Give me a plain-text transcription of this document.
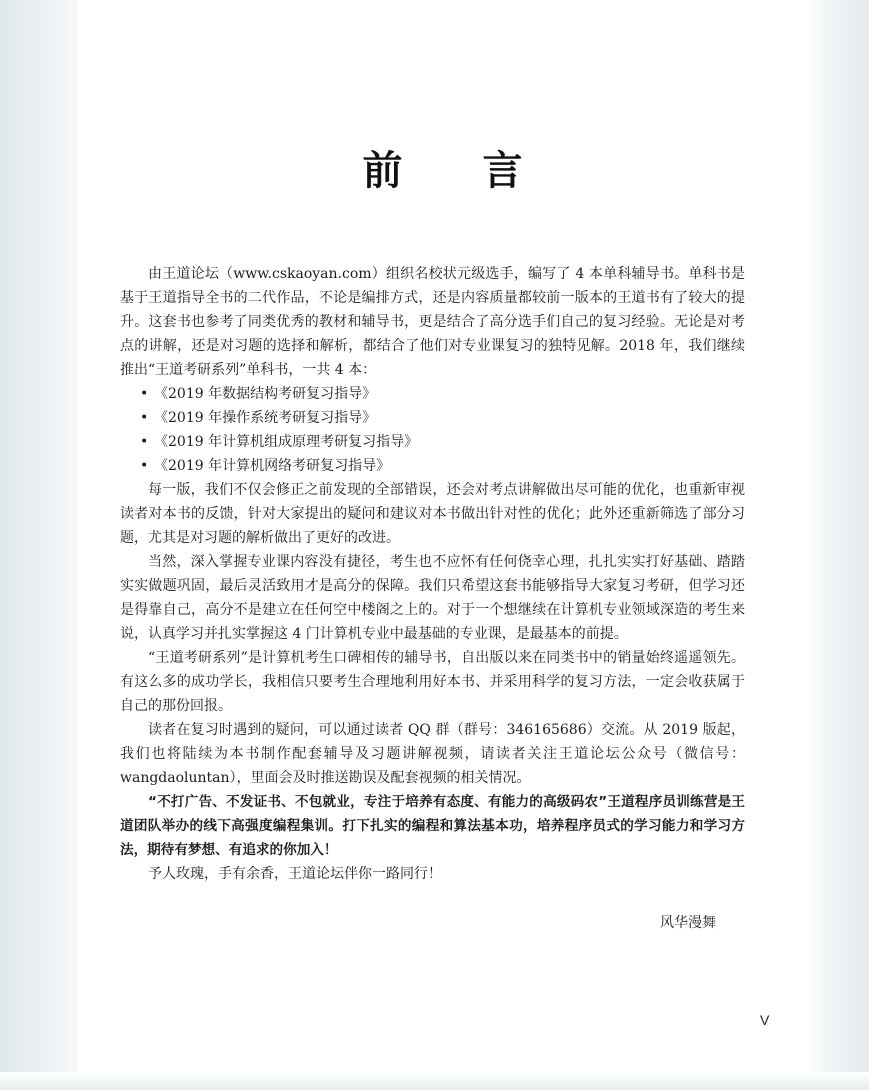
前 言

由王道论坛（www.cskaoyan.com）组织名校状元级选手，编写了 4 本单科辅导书。单科书是基于王道指导全书的二代作品，不论是编排方式，还是内容质量都较前一版本的王道书有了较大的提升。这套书也参考了同类优秀的教材和辅导书，更是结合了高分选手们自己的复习经验。无论是对考点的讲解，还是对习题的选择和解析，都结合了他们对专业课复习的独特见解。2018 年，我们继续推出“王道考研系列”单科书，一共 4 本：

• 《2019 年数据结构考研复习指导》
• 《2019 年操作系统考研复习指导》
• 《2019 年计算机组成原理考研复习指导》
• 《2019 年计算机网络考研复习指导》

每一版，我们不仅会修正之前发现的全部错误，还会对考点讲解做出尽可能的优化，也重新审视读者对本书的反馈，针对大家提出的疑问和建议对本书做出针对性的优化；此外还重新筛选了部分习题，尤其是对习题的解析做出了更好的改进。

当然，深入掌握专业课内容没有捷径，考生也不应怀有任何侥幸心理，扎扎实实打好基础、踏踏实实做题巩固，最后灵活致用才是高分的保障。我们只希望这套书能够指导大家复习考研，但学习还是得靠自己，高分不是建立在任何空中楼阁之上的。对于一个想继续在计算机专业领域深造的考生来说，认真学习并扎实掌握这 4 门计算机专业中最基础的专业课，是最基本的前提。

“王道考研系列”是计算机考生口碑相传的辅导书，自出版以来在同类书中的销量始终遥遥领先。有这么多的成功学长，我相信只要考生合理地利用好本书、并采用科学的复习方法，一定会收获属于自己的那份回报。

读者在复习时遇到的疑问，可以通过读者 QQ 群（群号：346165686）交流。从 2019 版起，我们也将陆续为本书制作配套辅导及习题讲解视频，请读者关注王道论坛公众号（微信号：wangdaoluntan），里面会及时推送勘误及配套视频的相关情况。

“不打广告、不发证书、不包就业，专注于培养有态度、有能力的高级码农”王道程序员训练营是王道团队举办的线下高强度编程集训。打下扎实的编程和算法基本功，培养程序员式的学习能力和学习方法，期待有梦想、有追求的你加入！

予人玫瑰，手有余香，王道论坛伴你一路同行！

风华漫舞
V
